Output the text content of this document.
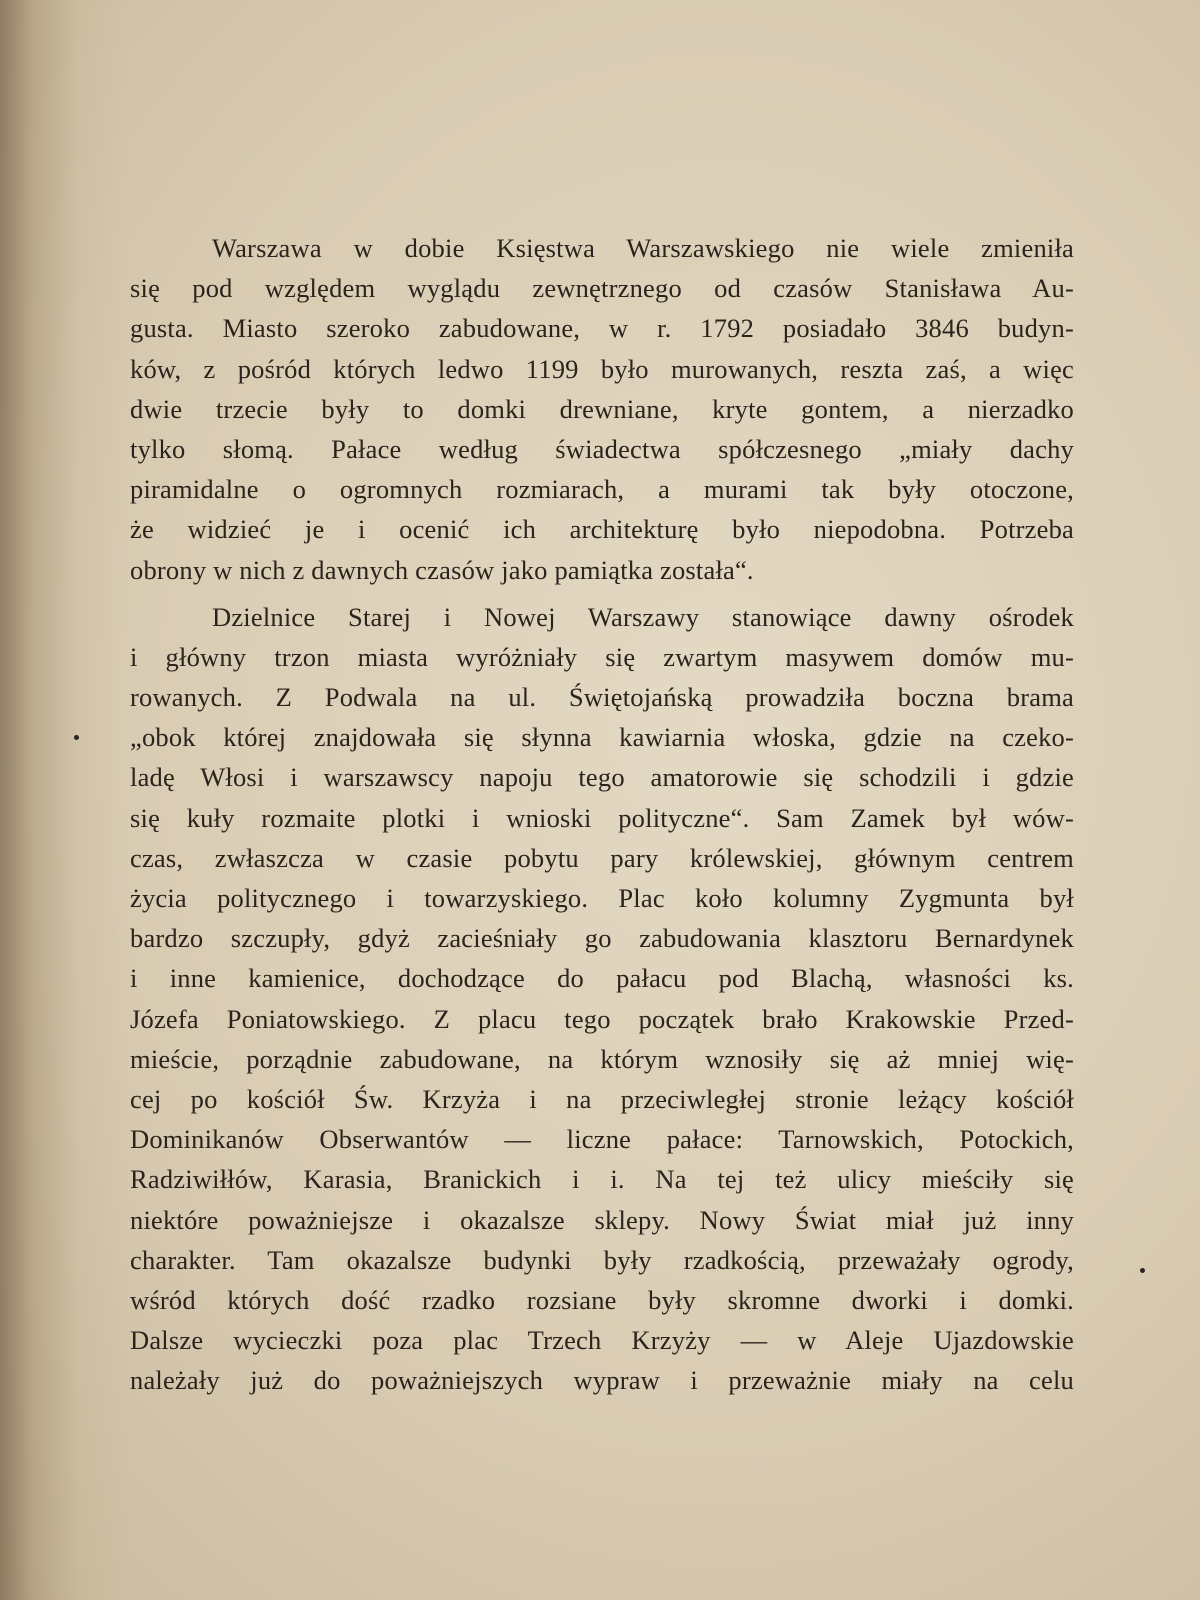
Warszawa w dobie Księstwa Warszawskiego nie wiele zmieniła
się pod względem wyglądu zewnętrznego od czasów Stanisława Au-
gusta. Miasto szeroko zabudowane, w r. 1792 posiadało 3846 budyn-
ków, z pośród których ledwo 1199 było murowanych, reszta zaś, a więc
dwie trzecie były to domki drewniane, kryte gontem, a nierzadko
tylko słomą. Pałace według świadectwa spółczesnego „miały dachy
piramidalne o ogromnych rozmiarach, a murami tak były otoczone,
że widzieć je i ocenić ich architekturę było niepodobna. Potrzeba
obrony w nich z dawnych czasów jako pamiątka została“.
Dzielnice Starej i Nowej Warszawy stanowiące dawny ośrodek
i główny trzon miasta wyróżniały się zwartym masywem domów mu-
rowanych. Z Podwala na ul. Świętojańską prowadziła boczna brama
„obok której znajdowała się słynna kawiarnia włoska, gdzie na czeko-
ladę Włosi i warszawscy napoju tego amatorowie się schodzili i gdzie
się kuły rozmaite plotki i wnioski polityczne“. Sam Zamek był wów-
czas, zwłaszcza w czasie pobytu pary królewskiej, głównym centrem
życia politycznego i towarzyskiego. Plac koło kolumny Zygmunta był
bardzo szczupły, gdyż zacieśniały go zabudowania klasztoru Bernardynek
i inne kamienice, dochodzące do pałacu pod Blachą, własności ks.
Józefa Poniatowskiego. Z placu tego początek brało Krakowskie Przed-
mieście, porządnie zabudowane, na którym wznosiły się aż mniej wię-
cej po kościół Św. Krzyża i na przeciwległej stronie leżący kościół
Dominikanów Obserwantów — liczne pałace: Tarnowskich, Potockich,
Radziwiłłów, Karasia, Branickich i i. Na tej też ulicy mieściły się
niektóre poważniejsze i okazalsze sklepy. Nowy Świat miał już inny
charakter. Tam okazalsze budynki były rzadkością, przeważały ogrody,
wśród których dość rzadko rozsiane były skromne dworki i domki.
Dalsze wycieczki poza plac Trzech Krzyży — w Aleje Ujazdowskie
należały już do poważniejszych wypraw i przeważnie miały na celu
